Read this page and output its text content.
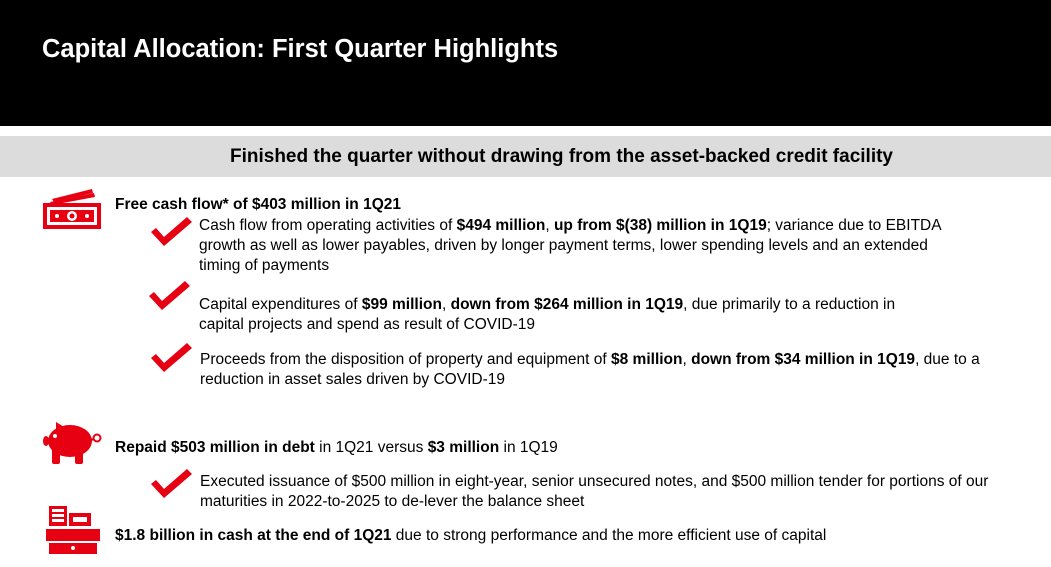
Capital Allocation: First Quarter Highlights
Finished the quarter without drawing from the asset-backed credit facility
Free cash flow* of $403 million in 1Q21
Cash flow from operating activities of $494 million, up from $(38) million in 1Q19; variance due to EBITDA
growth as well as lower payables, driven by longer payment terms, lower spending levels and an extended
timing of payments
Capital expenditures of $99 million, down from $264 million in 1Q19, due primarily to a reduction in
capital projects and spend as result of COVID-19
Proceeds from the disposition of property and equipment of $8 million, down from $34 million in 1Q19, due to a
reduction in asset sales driven by COVID-19
Repaid $503 million in debt in 1Q21 versus $3 million in 1Q19
Executed issuance of $500 million in eight-year, senior unsecured notes, and $500 million tender for portions of our
maturities in 2022-to-2025 to de-lever the balance sheet
$1.8 billion in cash at the end of 1Q21 due to strong performance and the more efficient use of capital
